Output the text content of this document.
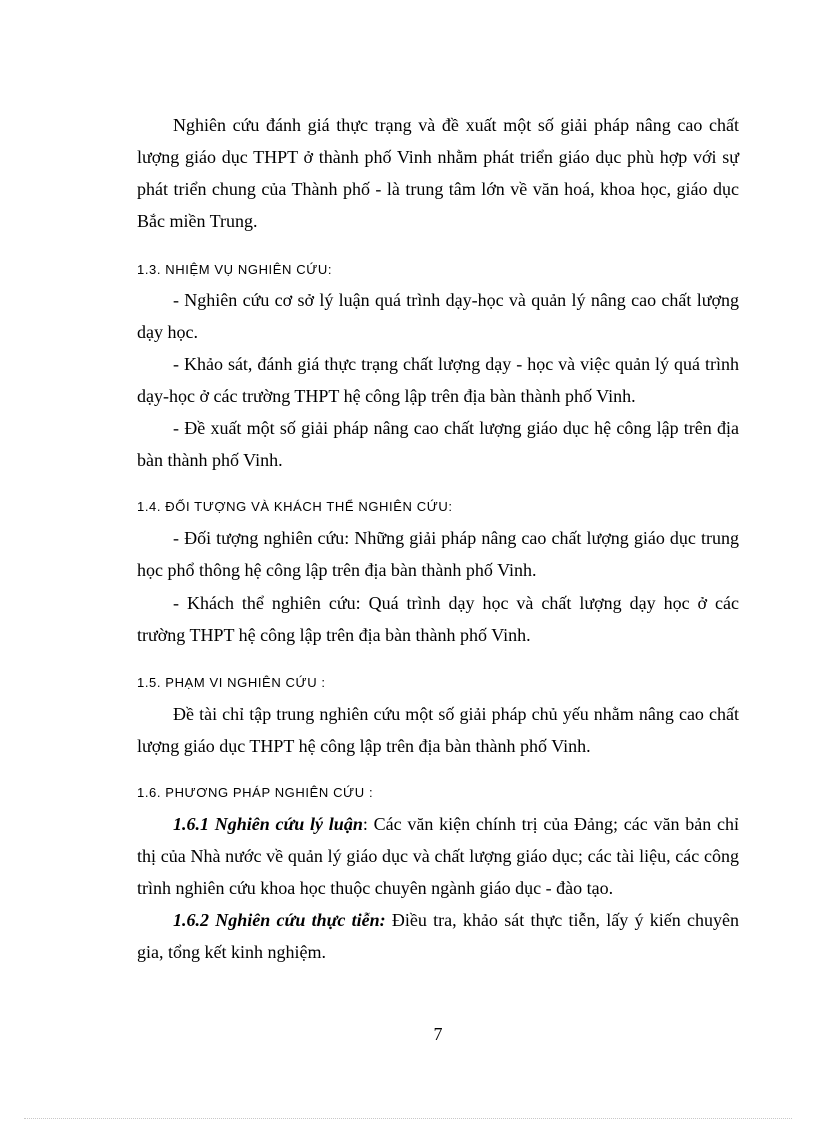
Nghiên cứu đánh giá thực trạng và đề xuất một số giải pháp nâng cao chất lượng giáo dục THPT ở thành phố Vinh nhằm phát triển giáo dục phù hợp với sự phát triển chung của Thành phố - là trung tâm lớn về văn hoá, khoa học, giáo dục Bắc miền Trung.

1.3. NHIỆM VỤ NGHIÊN CỨU:

- Nghiên cứu cơ sở lý luận quá trình dạy-học và quản lý nâng cao chất lượng dạy học.

- Khảo sát, đánh giá thực trạng chất lượng dạy - học và việc quản lý quá trình dạy-học ở các trường THPT hệ công lập trên địa bàn thành phố Vinh.

- Đề xuất một số giải pháp nâng cao chất lượng giáo dục hệ công lập trên địa bàn thành phố Vinh.

1.4. ĐỐI TƯỢNG VÀ KHÁCH THỂ NGHIÊN CỨU:

- Đối tượng nghiên cứu: Những giải pháp nâng cao chất lượng giáo dục trung học phổ thông hệ công lập trên địa bàn thành phố Vinh.

- Khách thể nghiên cứu: Quá trình dạy học và chất lượng dạy học ở các trường THPT hệ công lập trên địa bàn thành phố Vinh.

1.5. PHẠM VI NGHIÊN CỨU :

Đề tài chỉ tập trung nghiên cứu một số giải pháp chủ yếu nhằm nâng cao chất lượng giáo dục THPT hệ công lập trên địa bàn thành phố Vinh.

1.6. PHƯƠNG PHÁP NGHIÊN CỨU :

1.6.1 Nghiên cứu lý luận: Các văn kiện chính trị của Đảng; các văn bản chỉ thị của Nhà nước về quản lý giáo dục và chất lượng giáo dục; các tài liệu, các công trình nghiên cứu khoa học thuộc chuyên ngành giáo dục - đào tạo.

1.6.2 Nghiên cứu thực tiễn: Điều tra, khảo sát thực tiễn, lấy ý kiến chuyên gia, tổng kết kinh nghiệm.

7
